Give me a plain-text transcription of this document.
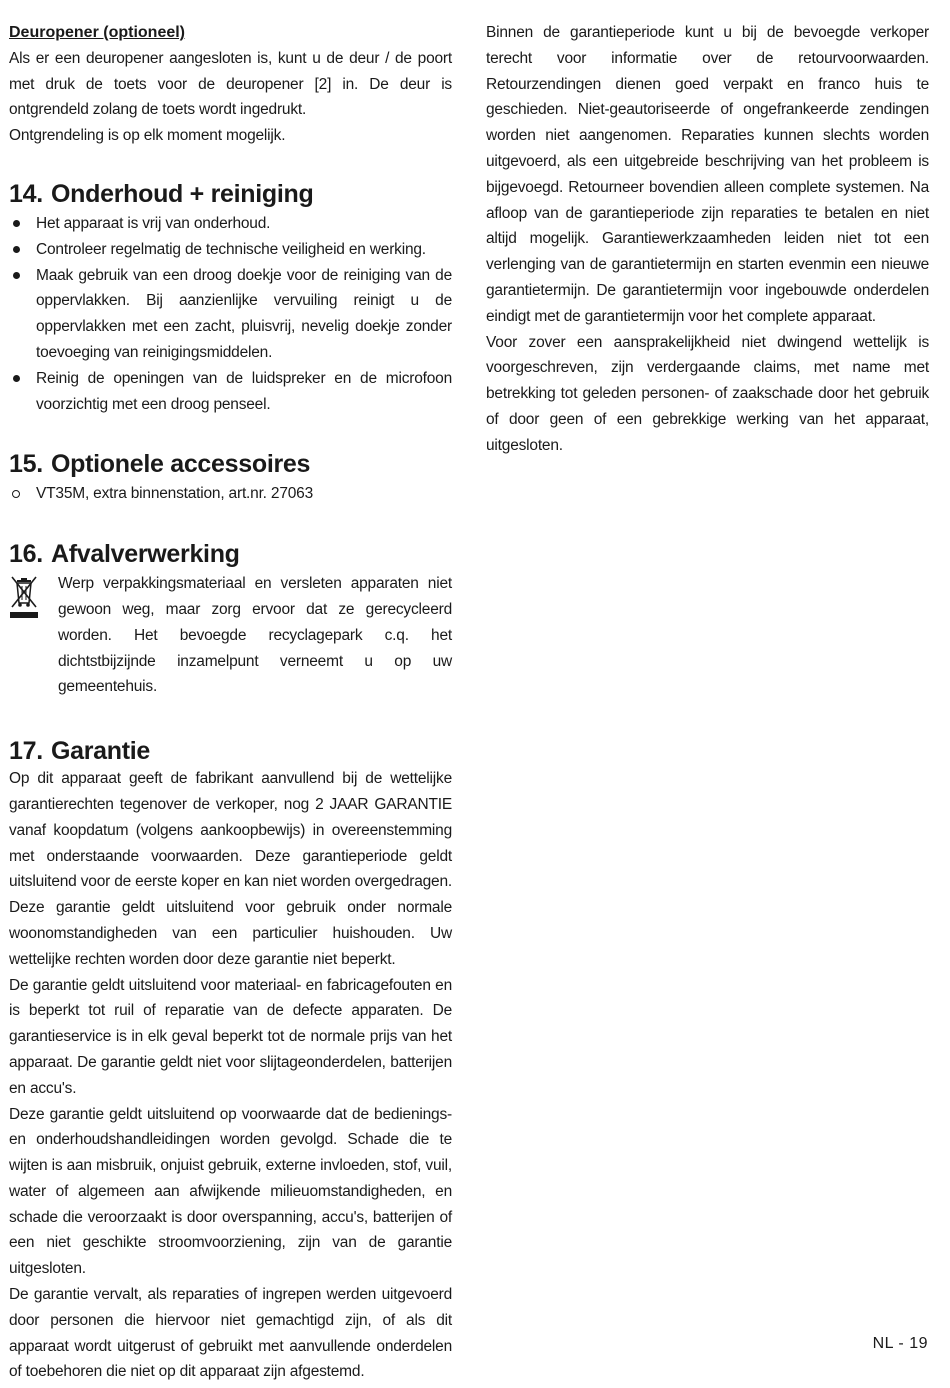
Deuropener (optioneel)

Als er een deuropener aangesloten is, kunt u de deur / de poort met druk de toets voor de deuropener [2] in. De deur is ontgrendeld zolang de toets wordt ingedrukt.

Ontgrendeling is op elk moment mogelijk.

14. Onderhoud + reiniging
Het apparaat is vrij van onderhoud.
Controleer regelmatig de technische veiligheid en werking.
Maak gebruik van een droog doekje voor de reiniging van de oppervlakken. Bij aanzienlijke vervuiling reinigt u de oppervlakken met een zacht, pluisvrij, nevelig doekje zonder toevoeging van reinigingsmiddelen.
Reinig de openingen van de luidspreker en de microfoon voorzichtig met een droog penseel.
15. Optionele accessoires
VT35M, extra binnenstation, art.nr. 27063
16. Afvalverwerking

Werp verpakkingsmateriaal en versleten apparaten niet gewoon weg, maar zorg ervoor dat ze gerecycleerd worden. Het bevoegde recyclagepark c.q. het dichtstbijzijnde inzamelpunt verneemt u op uw gemeentehuis.

17. Garantie

Op dit apparaat geeft de fabrikant aanvullend bij de wettelijke garantierechten tegenover de verkoper, nog 2 JAAR GARANTIE vanaf koopdatum (volgens aankoopbewijs) in overeenstemming met onderstaande voorwaarden. Deze garantieperiode geldt uitsluitend voor de eerste koper en kan niet worden overgedragen. Deze garantie geldt uitsluitend voor gebruik onder normale woonomstandigheden van een particulier huishouden. Uw wettelijke rechten worden door deze garantie niet beperkt.

De garantie geldt uitsluitend voor materiaal- en fabricagefouten en is beperkt tot ruil of reparatie van de defecte apparaten. De garantieservice is in elk geval beperkt tot de normale prijs van het apparaat. De garantie geldt niet voor slijtageonderdelen, batterijen en accu's.

Deze garantie geldt uitsluitend op voorwaarde dat de bedienings- en onderhoudshandleidingen worden gevolgd. Schade die te wijten is aan misbruik, onjuist gebruik, externe invloeden, stof, vuil, water of algemeen aan afwijkende milieuomstandigheden, en schade die veroorzaakt is door overspanning, accu's, batterijen of een niet geschikte stroomvoorziening, zijn van de garantie uitgesloten.

De garantie vervalt, als reparaties of ingrepen werden uitgevoerd door personen die hiervoor niet gemachtigd zijn, of als dit apparaat wordt uitgerust of gebruikt met aanvullende onderdelen of toebehoren die niet op dit apparaat zijn afgestemd.

Binnen de garantieperiode kunt u bij de bevoegde verkoper terecht voor informatie over de retourvoorwaarden. Retourzendingen dienen goed verpakt en franco huis te geschieden. Niet-geautoriseerde of ongefrankeerde zendingen worden niet aangenomen. Reparaties kunnen slechts worden uitgevoerd, als een uitgebreide beschrijving van het probleem is bijgevoegd. Retourneer bovendien alleen complete systemen. Na afloop van de garantieperiode zijn reparaties te betalen en niet altijd mogelijk. Garantiewerkzaamheden leiden niet tot een verlenging van de garantietermijn en starten evenmin een nieuwe garantietermijn. De garantietermijn voor ingebouwde onderdelen eindigt met de garantietermijn voor het complete apparaat.

Voor zover een aansprakelijkheid niet dwingend wettelijk is voorgeschreven, zijn verdergaande claims, met name met betrekking tot geleden personen- of zaakschade door het gebruik of door geen of een gebrekkige werking van het apparaat, uitgesloten.

NL - 19
